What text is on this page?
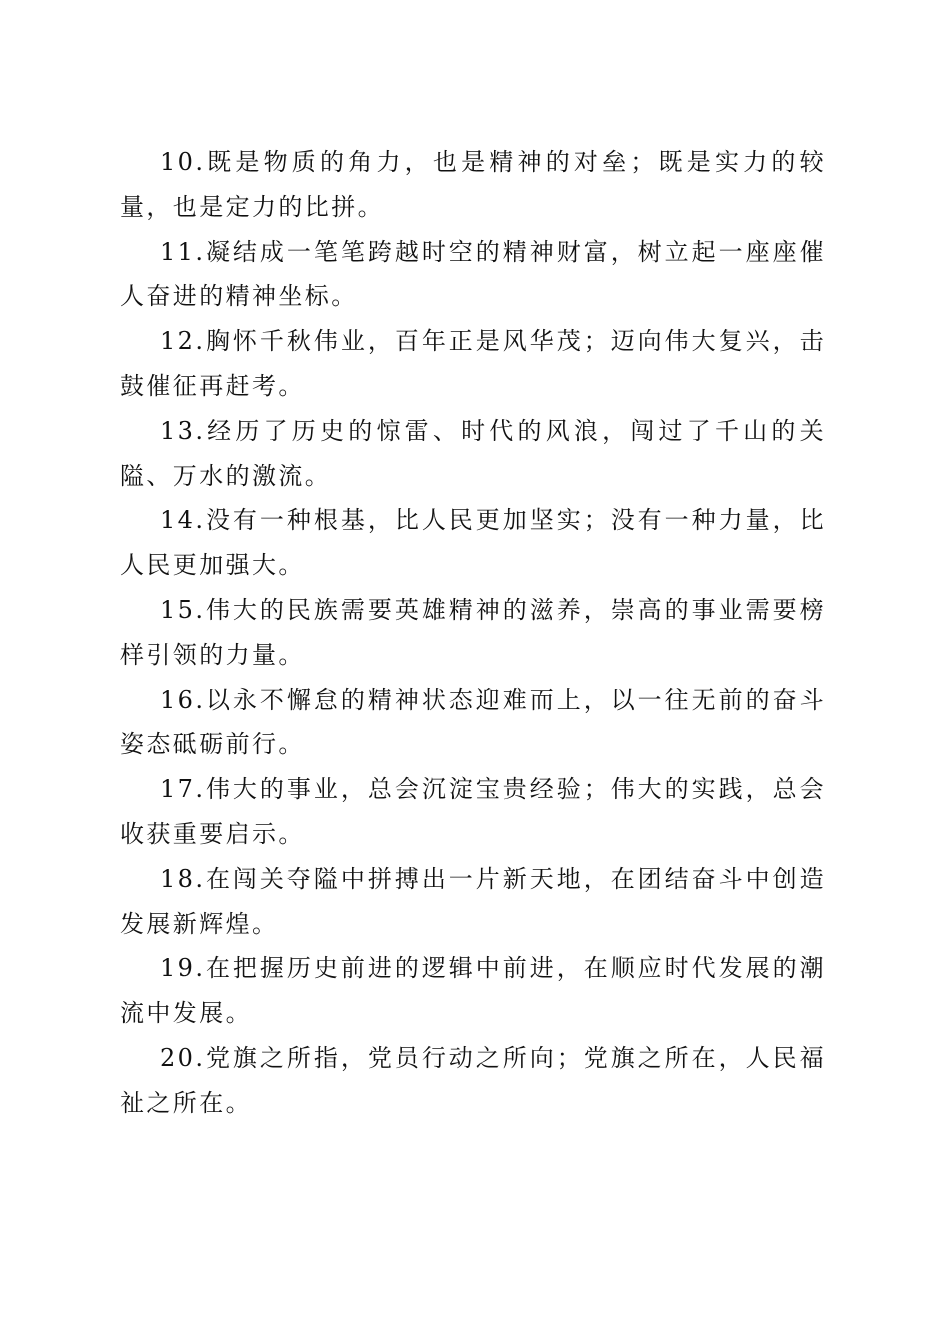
10.既是物质的角力，也是精神的对垒；既是实力的较量，也是定力的比拼。

11.凝结成一笔笔跨越时空的精神财富，树立起一座座催人奋进的精神坐标。

12.胸怀千秋伟业，百年正是风华茂；迈向伟大复兴，击鼓催征再赶考。

13.经历了历史的惊雷、时代的风浪，闯过了千山的关隘、万水的激流。

14.没有一种根基，比人民更加坚实；没有一种力量，比人民更加强大。

15.伟大的民族需要英雄精神的滋养，崇高的事业需要榜样引领的力量。

16.以永不懈怠的精神状态迎难而上，以一往无前的奋斗姿态砥砺前行。

17.伟大的事业，总会沉淀宝贵经验；伟大的实践，总会收获重要启示。

18.在闯关夺隘中拼搏出一片新天地，在团结奋斗中创造发展新辉煌。

19.在把握历史前进的逻辑中前进，在顺应时代发展的潮流中发展。

20.党旗之所指，党员行动之所向；党旗之所在，人民福祉之所在。
